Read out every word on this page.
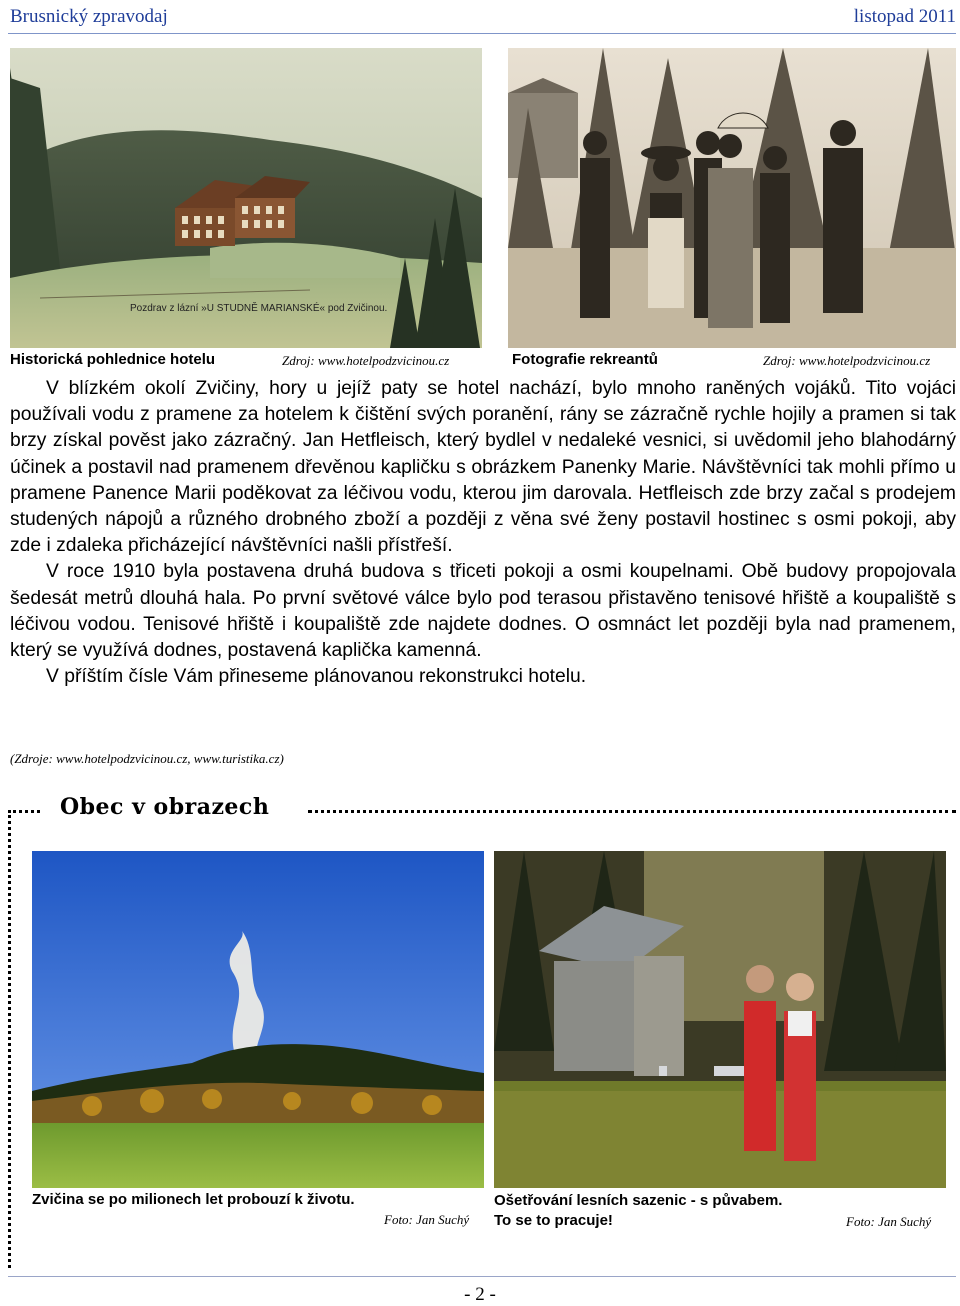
Brusnický zpravodaj	listopad 2011
Pozdrav z lázní »U STUDNĚ MARIANSKÉ« pod Zvičinou.
Historická pohlednice hotelu	Zdroj: www.hotelpodzvicinou.cz	Fotografie rekreantů	Zdroj: www.hotelpodzvicinou.cz

V blízkém okolí Zvičiny, hory u jejíž paty se hotel nachází, bylo mnoho raněných vojáků. Tito vojáci používali vodu z pramene za hotelem k čištění svých poranění, rány se zázračně rychle hojily a pramen si tak brzy získal pověst jako zázračný. Jan Hetfleisch, který bydlel v nedaleké vesnici, si uvědomil jeho blahodárný účinek a postavil nad pramenem dřevěnou kapličku s obrázkem Panenky Marie. Návštěvníci tak mohli přímo u pramene Panence Marii poděkovat za léčivou vodu, kterou jim darovala. Hetfleisch zde brzy začal s prodejem studených nápojů a různého drobného zboží a později z věna své ženy postavil hostinec s osmi pokoji, aby zde i zdaleka přicházející návštěvníci našli přístřeší.

V roce 1910 byla postavena druhá budova s třiceti pokoji a osmi koupelnami. Obě budovy propojovala šedesát metrů dlouhá hala. Po první světové válce bylo pod terasou přistavěno tenisové hřiště a koupaliště s léčivou vodou. Tenisové hřiště i koupaliště zde najdete dodnes. O osmnáct let později byla nad pramenem, který se využívá dodnes, postavená kaplička kamenná.

V příštím čísle Vám přineseme plánovanou rekonstrukci hotelu.

(Zdroje: www.hotelpodzvicinou.cz, www.turistika.cz)
Obec v obrazech
Zvičina se po milionech let probouzí k životu.
Foto: Jan Suchý
Ošetřování lesních sazenic - s půvabem.
To se to pracuje!	Foto: Jan Suchý
- 2 -
